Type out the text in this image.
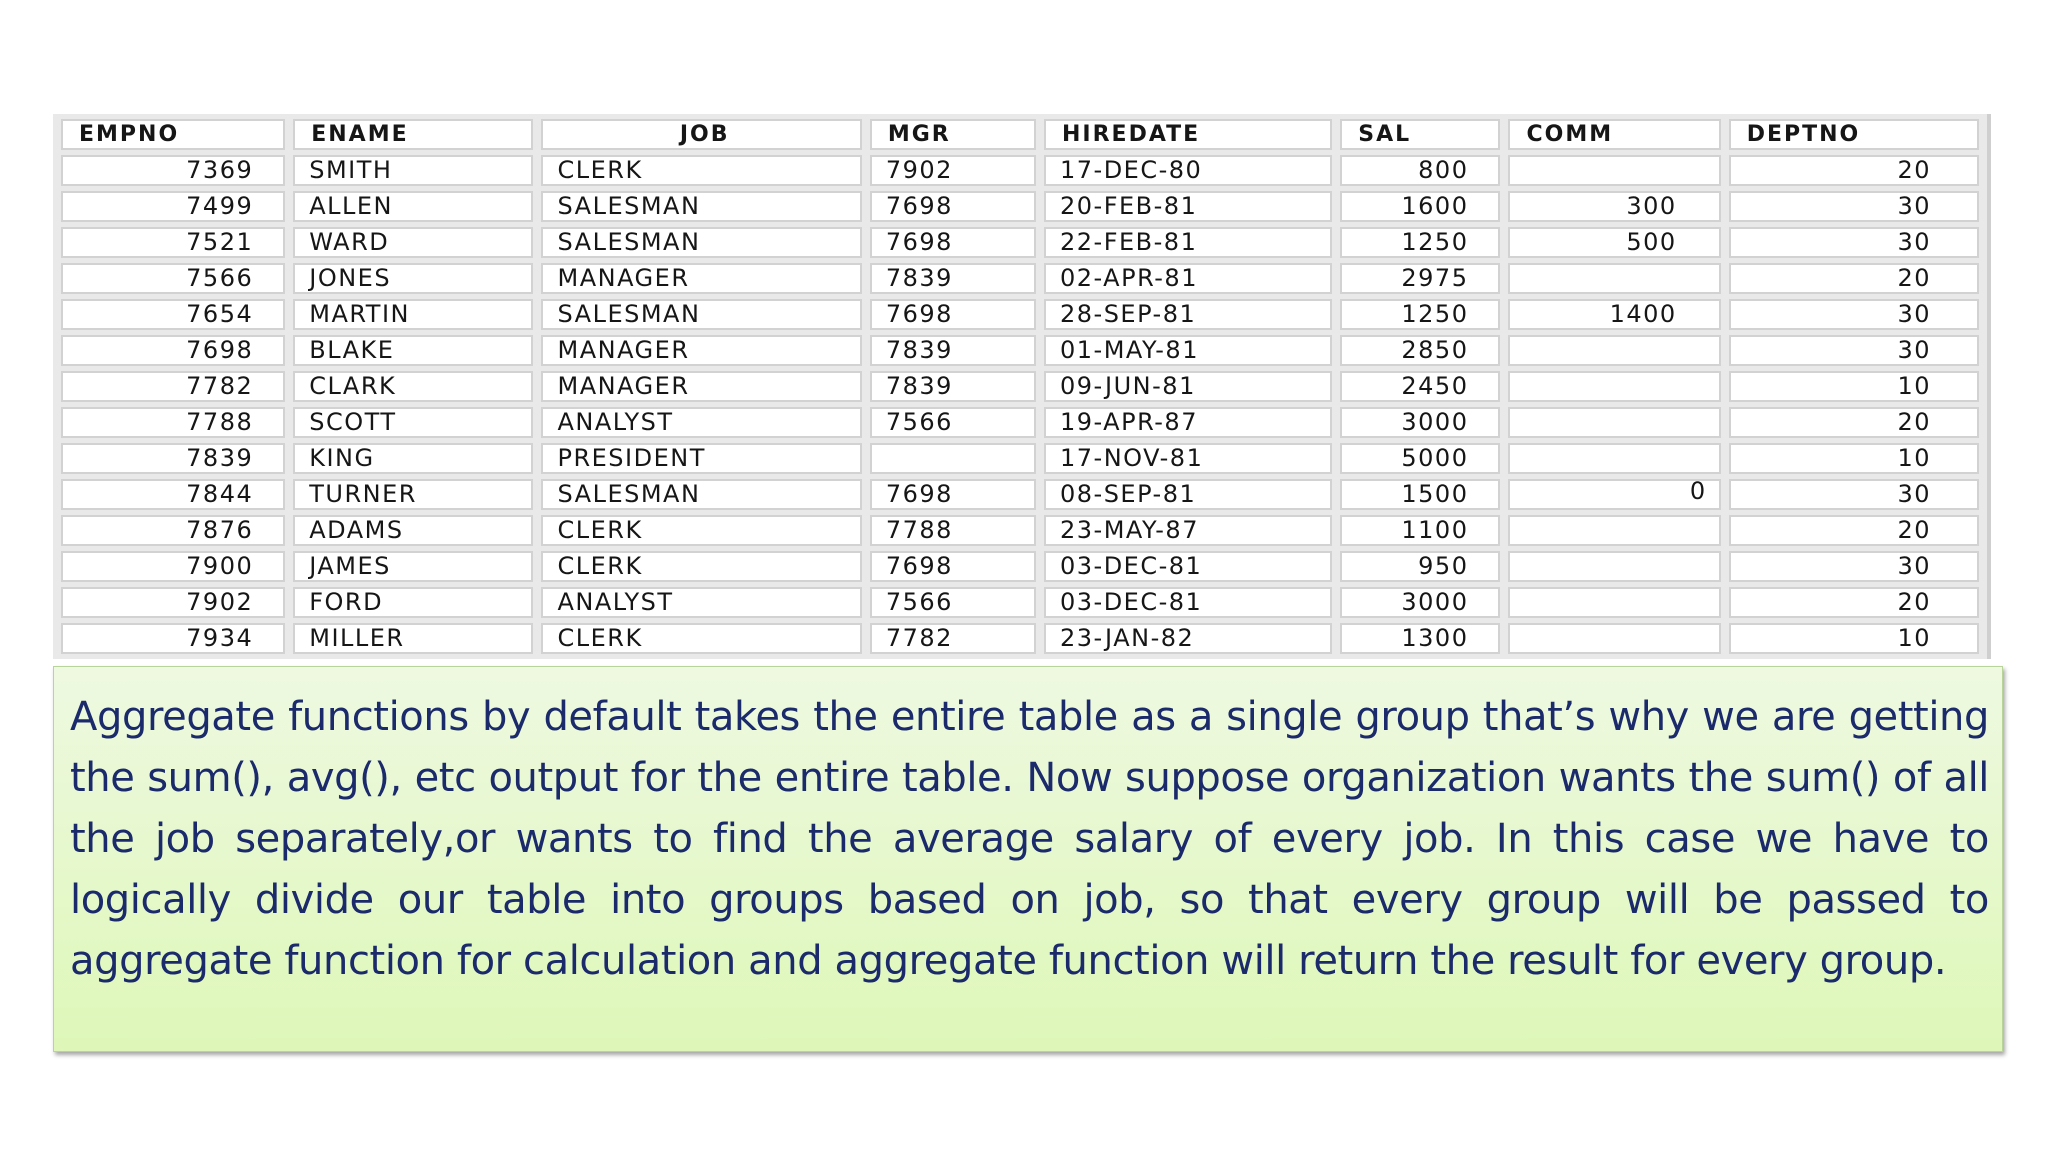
EMPNO	ENAME	JOB	MGR	HIREDATE	SAL	COMM	DEPTNO
7369	SMITH	CLERK	7902	17-DEC-80	800		20
7499	ALLEN	SALESMAN	7698	20-FEB-81	1600	300	30
7521	WARD	SALESMAN	7698	22-FEB-81	1250	500	30
7566	JONES	MANAGER	7839	02-APR-81	2975		20
7654	MARTIN	SALESMAN	7698	28-SEP-81	1250	1400	30
7698	BLAKE	MANAGER	7839	01-MAY-81	2850		30
7782	CLARK	MANAGER	7839	09-JUN-81	2450		10
7788	SCOTT	ANALYST	7566	19-APR-87	3000		20
7839	KING	PRESIDENT		17-NOV-81	5000		10
7844	TURNER	SALESMAN	7698	08-SEP-81	1500	0	30
7876	ADAMS	CLERK	7788	23-MAY-87	1100		20
7900	JAMES	CLERK	7698	03-DEC-81	950		30
7902	FORD	ANALYST	7566	03-DEC-81	3000		20
7934	MILLER	CLERK	7782	23-JAN-82	1300		10

Aggregate functions by default takes the entire table as a single group that’s why we are getting the sum(), avg(), etc output for the entire table. Now suppose organization wants the sum() of all the job separately,or wants to find the average salary of every job. In this case we have to logically divide our table into groups based on job, so that every group will be passed to aggregate function for calculation and aggregate function will return the result for every group.
